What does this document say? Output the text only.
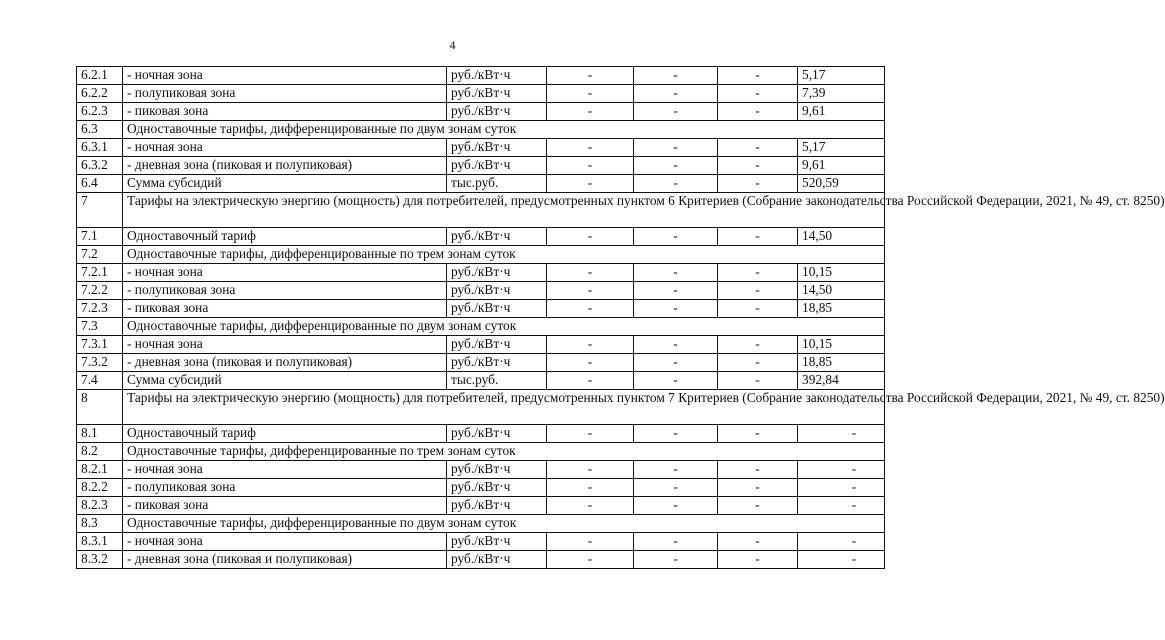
4
6.2.1	- ночная зона	руб./кВт·ч	-	-	-	5,17
6.2.2	- полупиковая зона	руб./кВт·ч	-	-	-	7,39
6.2.3	- пиковая зона	руб./кВт·ч	-	-	-	9,61
6.3	Одноставочные тарифы, дифференцированные по двум зонам суток					
6.3.1	- ночная зона	руб./кВт·ч	-	-	-	5,17
6.3.2	- дневная зона (пиковая и полупиковая)	руб./кВт·ч	-	-	-	9,61
6.4	Сумма субсидий	тыс.руб.	-	-	-	520,59
7	Тарифы на электрическую энергию (мощность) для потребителей, предусмотренных пунктом 6 Критериев (Собрание законодательства Российской Федерации, 2021, № 49, ст. 8250)					
7.1	Одноставочный тариф	руб./кВт·ч	-	-	-	14,50
7.2	Одноставочные тарифы, дифференцированные по трем зонам суток					
7.2.1	- ночная зона	руб./кВт·ч	-	-	-	10,15
7.2.2	- полупиковая зона	руб./кВт·ч	-	-	-	14,50
7.2.3	- пиковая зона	руб./кВт·ч	-	-	-	18,85
7.3	Одноставочные тарифы, дифференцированные по двум зонам суток					
7.3.1	- ночная зона	руб./кВт·ч	-	-	-	10,15
7.3.2	- дневная зона (пиковая и полупиковая)	руб./кВт·ч	-	-	-	18,85
7.4	Сумма субсидий	тыс.руб.	-	-	-	392,84
8	Тарифы на электрическую энергию (мощность) для потребителей, предусмотренных пунктом 7 Критериев (Собрание законодательства Российской Федерации, 2021, № 49, ст. 8250)					
8.1	Одноставочный тариф	руб./кВт·ч	-	-	-	-
8.2	Одноставочные тарифы, дифференцированные по трем зонам суток					
8.2.1	- ночная зона	руб./кВт·ч	-	-	-	-
8.2.2	- полупиковая зона	руб./кВт·ч	-	-	-	-
8.2.3	- пиковая зона	руб./кВт·ч	-	-	-	-
8.3	Одноставочные тарифы, дифференцированные по двум зонам суток					
8.3.1	- ночная зона	руб./кВт·ч	-	-	-	-
8.3.2	- дневная зона (пиковая и полупиковая)	руб./кВт·ч	-	-	-	-
